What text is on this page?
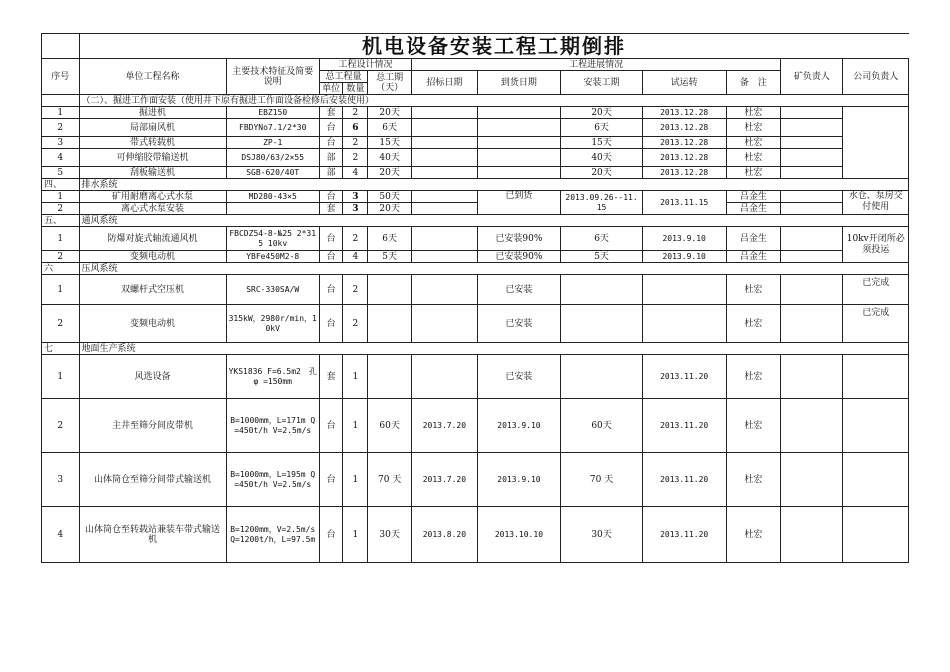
	机电设备安装工程工期倒排											
序号	单位工程名称	主要技术特征及简要说明	工程设计情况			工程进展情况					矿负责人	公司负责人
			总工程量		总工期（天）	招标日期	到货日期	安装工期	试运转	备　注		
			单位	数量								
	（二）、掘进工作面安装（使用井下原有掘进工作面设备检修后安装使用）											
1	掘进机	EBZ150	套	2	20天			20天	2013.12.28	杜宏		
2	局部扇风机	FBDYNo7.1/2*30	台	6	6天			6天	2013.12.28	杜宏		
3	带式转载机	ZP-1	台	2	15天			15天	2013.12.28	杜宏		
4	可伸缩胶带输送机	DSJ80/63/2×55	部	2	40天			40天	2013.12.28	杜宏		
5	刮板输送机	SGB-620/40T	部	4	20天			20天	2013.12.28	杜宏		
四、	排水系统											
1	矿用耐磨离心式水泵	MD280-43×5	台	3	50天		已到货	2013.09.26--11.15	2013.11.15	吕金生		水仓、泵房交付使用
2	离心式水泵安装		套	3	20天					吕金生		
五、	通风系统											
1	防爆对旋式轴流通风机	FBCDZ54-8-№25 2*315 10kv	台	2	6天		已安装90%	6天	2013.9.10	吕金生		10kv开闭所必须投运
2	变频电动机	YBFe450M2-8	台	4	5天		已安装90%	5天	2013.9.10	吕金生		
六	压风系统											
1	双螺杆式空压机	SRC-330SA/W	台	2			已安装			杜宏		已完成
2	变频电动机	315kW，2980r/min，10kV	台	2			已安装			杜宏		已完成
七	地面生产系统											
1	风选设备	YKS1836 F=6.5m2　孔φ =150mm	套	1			已安装		2013.11.20	杜宏		
2	主井至筛分间皮带机	B=1000mm，L=171m Q=450t/h V=2.5m/s	台	1	60天	2013.7.20	2013.9.10	60天	2013.11.20	杜宏		
3	山体筒仓至筛分间带式输送机	B=1000mm，L=195m Q=450t/h V=2.5m/s	台	1	70 天	2013.7.20	2013.9.10	70 天	2013.11.20	杜宏		
4	山体筒仓至转载站兼装车带式输送机	B=1200mm，V=2.5m/s Q=1200t/h，L=97.5m	台	1	30天	2013.8.20	2013.10.10	30天	2013.11.20	杜宏		
